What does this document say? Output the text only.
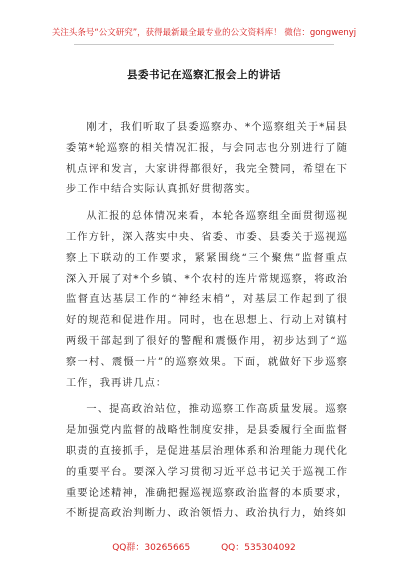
关注头条号“公文研究”，获得最新最全最专业的公文资料库！ 微信：gongwenyj
县委书记在巡察汇报会上的讲话

刚才，我们听取了县委巡察办、*个巡察组关于*届县委第*轮巡察的相关情况汇报，与会同志也分别进行了随机点评和发言，大家讲得都很好，我完全赞同，希望在下步工作中结合实际认真抓好贯彻落实。

从汇报的总体情况来看，本轮各巡察组全面贯彻巡视工作方针，深入落实中央、省委、市委、县委关于巡视巡察上下联动的工作要求，紧紧围绕“三个聚焦”监督重点深入开展了对*个乡镇、*个农村的连片常规巡察，将政治监督直达基层工作的“神经末梢”，对基层工作起到了很好的规范和促进作用。同时，也在思想上、行动上对镇村两级干部起到了很好的警醒和震慑作用，初步达到了“巡察一村、震慑一片”的巡察效果。下面，就做好下步巡察工作，我再讲几点：

一、提高政治站位，推动巡察工作高质量发展。巡察是加强党内监督的战略性制度安排，是县委履行全面监督职责的直接抓手，是促进基层治理体系和治理能力现代化的重要平台。要深入学习贯彻习近平总书记关于巡视工作重要论述精神，准确把握巡视巡察政治监督的本质要求，不断提高政治判断力、政治领悟力、政治执行力，始终如

QQ群：30265665	QQ：535304092
